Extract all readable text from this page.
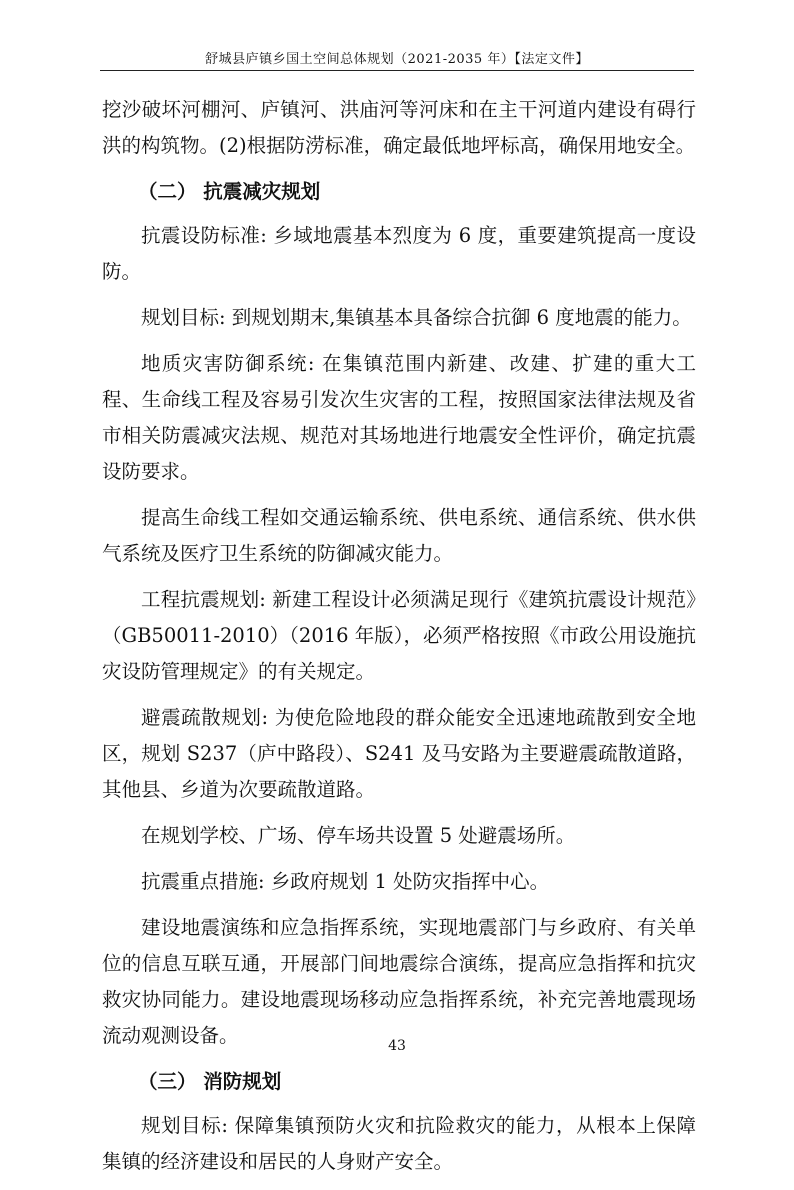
舒城县庐镇乡国土空间总体规划（2021-2035 年）【法定文件】

挖沙破坏河棚河、庐镇河、洪庙河等河床和在主干河道内建设有碍行洪的构筑物。(2)根据防涝标准，确定最低地坪标高，确保用地安全。

（二） 抗震减灾规划

抗震设防标准: 乡域地震基本烈度为 6 度，重要建筑提高一度设防。

规划目标: 到规划期末,集镇基本具备综合抗御 6 度地震的能力。

地质灾害防御系统: 在集镇范围内新建、改建、扩建的重大工程、生命线工程及容易引发次生灾害的工程，按照国家法律法规及省市相关防震减灾法规、规范对其场地进行地震安全性评价，确定抗震设防要求。

提高生命线工程如交通运输系统、供电系统、通信系统、供水供气系统及医疗卫生系统的防御减灾能力。

工程抗震规划: 新建工程设计必须满足现行《建筑抗震设计规范》（GB50011-2010）（2016 年版），必须严格按照《市政公用设施抗灾设防管理规定》的有关规定。

避震疏散规划: 为使危险地段的群众能安全迅速地疏散到安全地区，规划 S237（庐中路段）、S241 及马安路为主要避震疏散道路，其他县、乡道为次要疏散道路。

在规划学校、广场、停车场共设置 5 处避震场所。

抗震重点措施: 乡政府规划 1 处防灾指挥中心。

建设地震演练和应急指挥系统，实现地震部门与乡政府、有关单位的信息互联互通，开展部门间地震综合演练，提高应急指挥和抗灾救灾协同能力。建设地震现场移动应急指挥系统，补充完善地震现场流动观测设备。

（三） 消防规划

规划目标: 保障集镇预防火灾和抗险救灾的能力，从根本上保障集镇的经济建设和居民的人身财产安全。

43
